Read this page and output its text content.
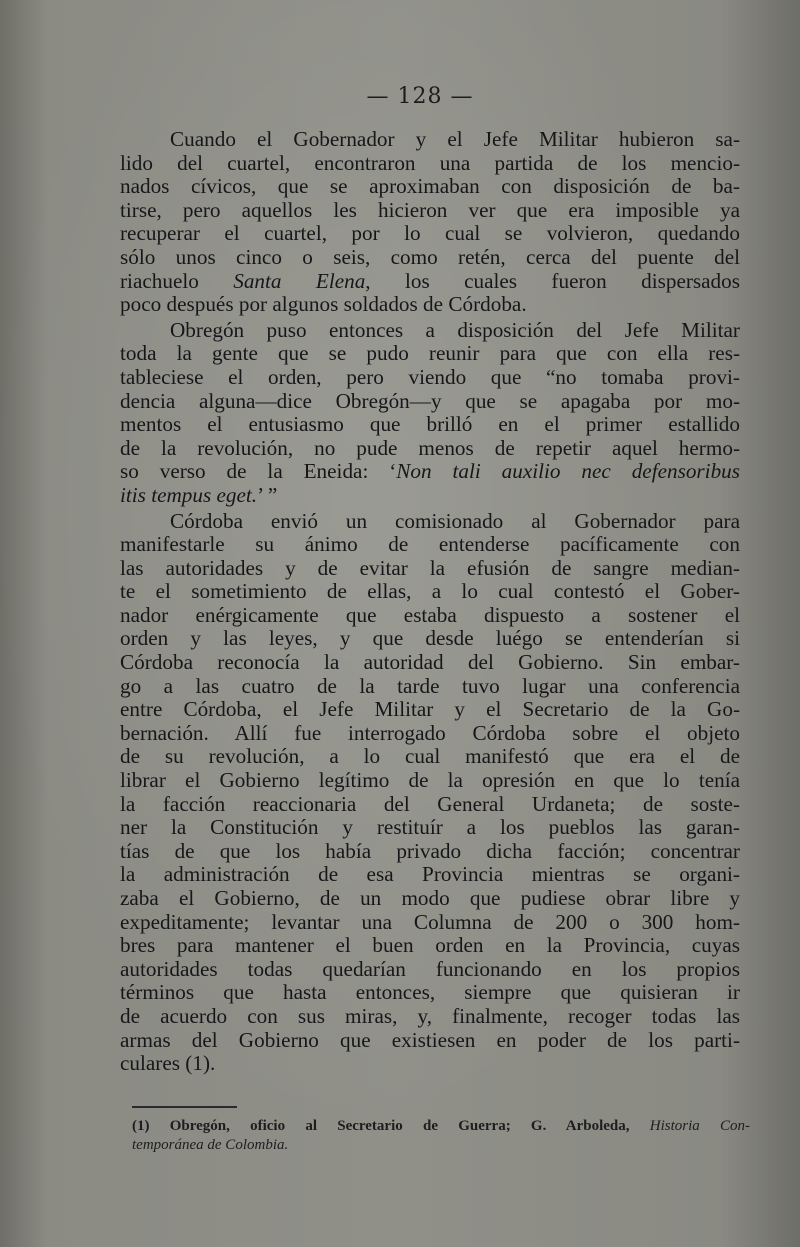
— 128 —
Cuando el Gobernador y el Jefe Militar hubieron sa-
lido del cuartel, encontraron una partida de los mencio-
nados cívicos, que se aproximaban con disposición de ba-
tirse, pero aquellos les hicieron ver que era imposible ya
recuperar el cuartel, por lo cual se volvieron, quedando
sólo unos cinco o seis, como retén, cerca del puente del
riachuelo Santa Elena, los cuales fueron dispersados
poco después por algunos soldados de Córdoba.
Obregón puso entonces a disposición del Jefe Militar
toda la gente que se pudo reunir para que con ella res-
tableciese el orden, pero viendo que “no tomaba provi-
dencia alguna—dice Obregón—y que se apagaba por mo-
mentos el entusiasmo que brilló en el primer estallido
de la revolución, no pude menos de repetir aquel hermo-
so verso de la Eneida: ‘Non tali auxilio nec defensoribus
itis tempus eget.’ ”
Córdoba envió un comisionado al Gobernador para
manifestarle su ánimo de entenderse pacíficamente con
las autoridades y de evitar la efusión de sangre median-
te el sometimiento de ellas, a lo cual contestó el Gober-
nador enérgicamente que estaba dispuesto a sostener el
orden y las leyes, y que desde luégo se entenderían si
Córdoba reconocía la autoridad del Gobierno. Sin embar-
go a las cuatro de la tarde tuvo lugar una conferencia
entre Córdoba, el Jefe Militar y el Secretario de la Go-
bernación. Allí fue interrogado Córdoba sobre el objeto
de su revolución, a lo cual manifestó que era el de
librar el Gobierno legítimo de la opresión en que lo tenía
la facción reaccionaria del General Urdaneta; de soste-
ner la Constitución y restituír a los pueblos las garan-
tías de que los había privado dicha facción; concentrar
la administración de esa Provincia mientras se organi-
zaba el Gobierno, de un modo que pudiese obrar libre y
expeditamente; levantar una Columna de 200 o 300 hom-
bres para mantener el buen orden en la Provincia, cuyas
autoridades todas quedarían funcionando en los propios
términos que hasta entonces, siempre que quisieran ir
de acuerdo con sus miras, y, finalmente, recoger todas las
armas del Gobierno que existiesen en poder de los parti-
culares (1).
(1) Obregón, oficio al Secretario de Guerra; G. Arboleda, Historia Con-
temporánea de Colombia.
